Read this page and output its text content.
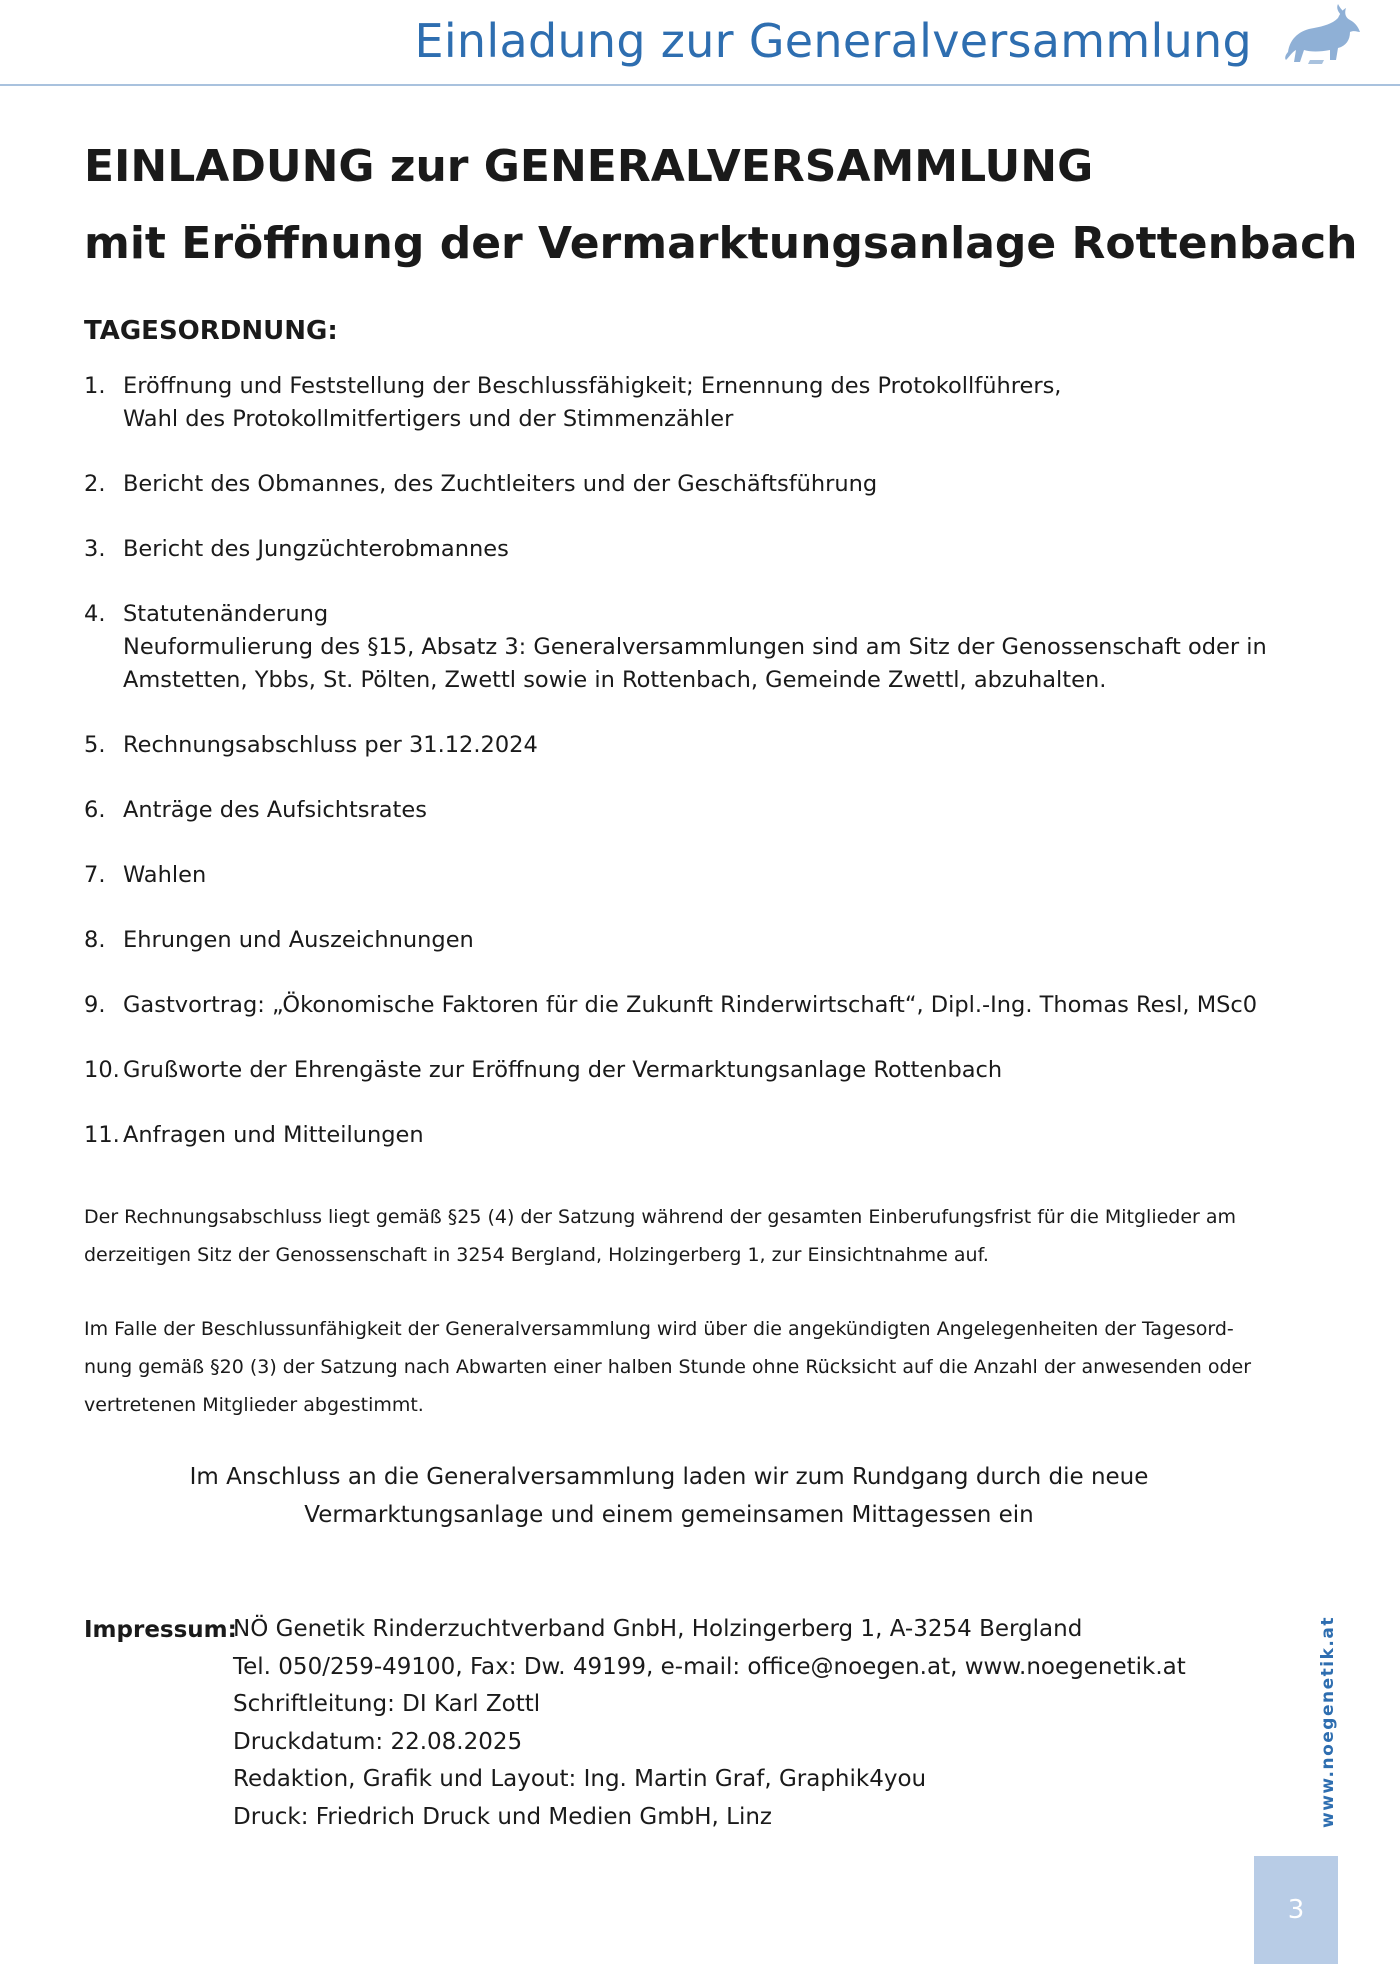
Einladung zur Generalversammlung
EINLADUNG zur GENERALVERSAMMLUNG
mit Eröffnung der Vermarktungsanlage Rottenbach
TAGESORDNUNG:
1. Eröffnung und Feststellung der Beschlussfähigkeit; Ernennung des Protokollführers,
Wahl des Protokollmitfertigers und der Stimmenzähler
2. Bericht des Obmannes, des Zuchtleiters und der Geschäftsführung
3. Bericht des Jungzüchterobmannes
4. Statutenänderung
Neuformulierung des §15, Absatz 3: Generalversammlungen sind am Sitz der Genossenschaft oder in
Amstetten, Ybbs, St. Pölten, Zwettl sowie in Rottenbach, Gemeinde Zwettl, abzuhalten.
5. Rechnungsabschluss per 31.12.2024
6. Anträge des Aufsichtsrates
7. Wahlen
8. Ehrungen und Auszeichnungen
9. Gastvortrag: „Ökonomische Faktoren für die Zukunft Rinderwirtschaft“, Dipl.-Ing. Thomas Resl, MSc0
10. Grußworte der Ehrengäste zur Eröffnung der Vermarktungsanlage Rottenbach
11. Anfragen und Mitteilungen
Der Rechnungsabschluss liegt gemäß §25 (4) der Satzung während der gesamten Einberufungsfrist für die Mitglieder am
derzeitigen Sitz der Genossenschaft in 3254 Bergland, Holzingerberg 1, zur Einsichtnahme auf.
Im Falle der Beschlussunfähigkeit der Generalversammlung wird über die angekündigten Angelegenheiten der Tagesord-
nung gemäß §20 (3) der Satzung nach Abwarten einer halben Stunde ohne Rücksicht auf die Anzahl der anwesenden oder
vertretenen Mitglieder abgestimmt.
Im Anschluss an die Generalversammlung laden wir zum Rundgang durch die neue
Vermarktungsanlage und einem gemeinsamen Mittagessen ein
Impressum:
NÖ Genetik Rinderzuchtverband GnbH, Holzingerberg 1, A-3254 Bergland
Tel. 050/259-49100, Fax: Dw. 49199, e-mail: office@noegen.at, www.noegenetik.at
Schriftleitung: DI Karl Zottl
Druckdatum: 22.08.2025
Redaktion, Grafik und Layout: Ing. Martin Graf, Graphik4you
Druck: Friedrich Druck und Medien GmbH, Linz	www.noegenetik.at
3
